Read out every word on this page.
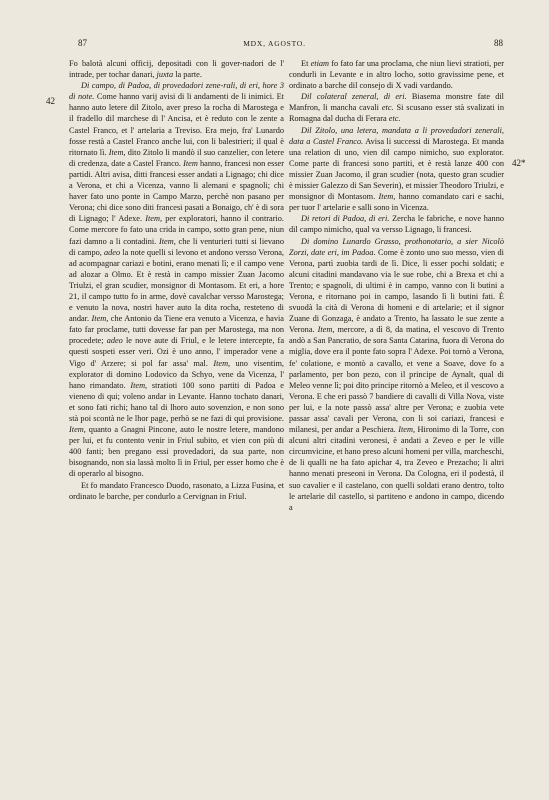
87	MDX, AGOSTO.	88
42
42*

Fo balotà alcuni officij, depositadi con li gover-nadori de l' intrade, per tochar danari, juxta la parte.

Di campo, di Padoa, di provedadori zene-rali, di eri, hore 3 di note. Come hanno varij avisi di li andamenti de li inimici. Et hanno auto letere dil Zitolo, aver preso la rocha di Marostega e il fradello dil marchese di l' Ancisa, et è reduto con le zente a Castel Franco, et l' artelaria a Treviso. Era mejo, fra' Lunardo fosse restà a Castel Franco anche lui, con li balestrieri; il qual è ritornato lì. Item, dito Zitolo li mandò il suo canzelier, con letere di credenza, date a Castel Franco. Item hanno, francesi non esser partidi. Altri avisa, ditti francesi esser andati a Lignago; chi dice a Verona, et chi a Vicenza, vanno li alemani e spagnoli; chi haver fato uno ponte in Campo Marzo, perchè non pasano per Verona; chi dice sono diti francesi pasati a Bonaigo, ch' è di sora di Lignago; l' Adexe. Item, per exploratori, hanno il contrario. Come mercore fo fato una crida in campo, sotto gran pene, niun fazi damno a li contadini. Item, che li venturieri tutti si lievano di campo, adeo la note quelli si levono et andono versso Verona, ad acompagnar cariazi e botini, erano menati lì; e il campo vene ad alozar a Olmo. Et è restà in campo missier Zuan Jacomo Triulzi, el gran scudier, monsignor di Montasom. Et eri, a hore 21, il campo tutto fo in arme, dovè cavalchar versso Marostega; e venuto la nova, nostri haver auto la dita rocha, resteteno di andar. Item, che Antonio da Tiene era venuto a Vicenza, e havia fato far proclame, tutti dovesse far pan per Marostega, ma non procedete; adeo le nove aute di Friul, e le letere intercepte, fa questi sospeti esser veri. Ozi è uno anno, l' imperador vene a Vigo d' Arzere; si pol far assa' mal. Item, uno visentim, explorator di domino Lodovico da Schyo, vene da Vicenza, l' hano rimandato. Item, stratioti 100 sono partiti di Padoa e vieneno di qui; voleno andar in Levante. Hanno tochato danari, et sono fati richi; hano tal di lhoro auto sovenzion, e non sono stà poi scontà ne le lhor page, perhò se ne fazi di qui provisione. Item, quanto a Gnagni Pincone, auto le nostre letere, mandono per lui, et fu contento venir in Friul subito, et vien con più di 400 fanti; ben pregano essi provedadori, da sua parte, non bisognando, non sia lassà molto lì in Friul, per esser homo che è di operarlo al bisogno.

Et fo mandato Francesco Duodo, rasonato, a Lizza Fusina, et ordinato le barche, per condurlo a Cervignan in Friul.

Et etiam fo fato far una proclama, che niun lievi stratioti, per condurli in Levante e in altro locho, sotto gravissime pene, et ordinato a barche dil consejo di X vadi vardando.

Dil colateral zeneral, di eri. Biasema monstre fate dil Manfron, li mancha cavali etc. Si scusano esser stà svalizati in Romagna dal ducha di Ferara etc.

Dil Zitolo, una letera, mandata a li provedadori zenerali, data a Castel Franco. Avisa li successi di Marostega. Et manda una relation di uno, vien dil campo nimicho, suo explorator. Come parte di francesi sono partiti, et è restà lanze 400 con missier Zuan Jacomo, il gran scudier (nota, questo gran scudier è missier Galezzo di San Severin), et missier Theodoro Triulzi, e monsignor di Montasom. Item, hanno comandato cari e sachi, per tuor l' artelarie e salli sono in Vicenza.

Di retori di Padoa, di eri. Zercha le fabriche, e nove hanno dil campo nimicho, qual va versso Lignago, li francesi.

Di domino Lunardo Grasso, prothonotario, a sier Nicolò Zorzi, date eri, im Padoa. Come è zonto uno suo messo, vien di Verona, partì zuobia tardi de lì. Dice, li esser pochi soldati; e alcuni citadini mandavano via le sue robe, chi a Brexa et chi a Trento; e spagnoli, di ultimi è in campo, vanno con li butini a Verona, e ritornano poi in campo, lasando lì li butini fati. È svuodà la cità di Verona di homeni e di artelarie; et il signor Zuane di Gonzaga, è andato a Trento, ha lassato le sue zente a Verona. Item, mercore, a dì 8, da matina, el vescovo di Trento andò a San Pancratio, de sora Santa Catarina, fuora di Verona do miglia, dove era il ponte fato sopra l' Adexe. Poi tornò a Verona, fe' colatione, e montò a cavallo, et vene a Soave, dove fo a parlamento, per bon pezo, con il principe de Aynalt, qual di Meleo venne lì; poi dito principe ritornò a Meleo, et il vescovo a Verona. E che eri passò 7 bandiere di cavalli di Villa Nova, viste per lui, e la note passò assa' altre per Verona; e zuobia vete passar assa' cavali per Verona, con li soi cariazi, francesi e milanesi, per andar a Peschiera. Item, Hironimo di la Torre, con alcuni altri citadini veronesi, è andati a Zeveo e per le ville circumvicine, et hano preso alcuni homeni per villa, marcheschi, de li qualli ne ha fato apichar 4, tra Zeveo e Prezacho; li altri hanno menati preseoni in Verona. Da Cologna, eri il podestà, il suo cavalier e il castelano, con quelli soldati erano dentro, tolto le artelarie dil castello, si partiteno e andono in campo, dicendo a
